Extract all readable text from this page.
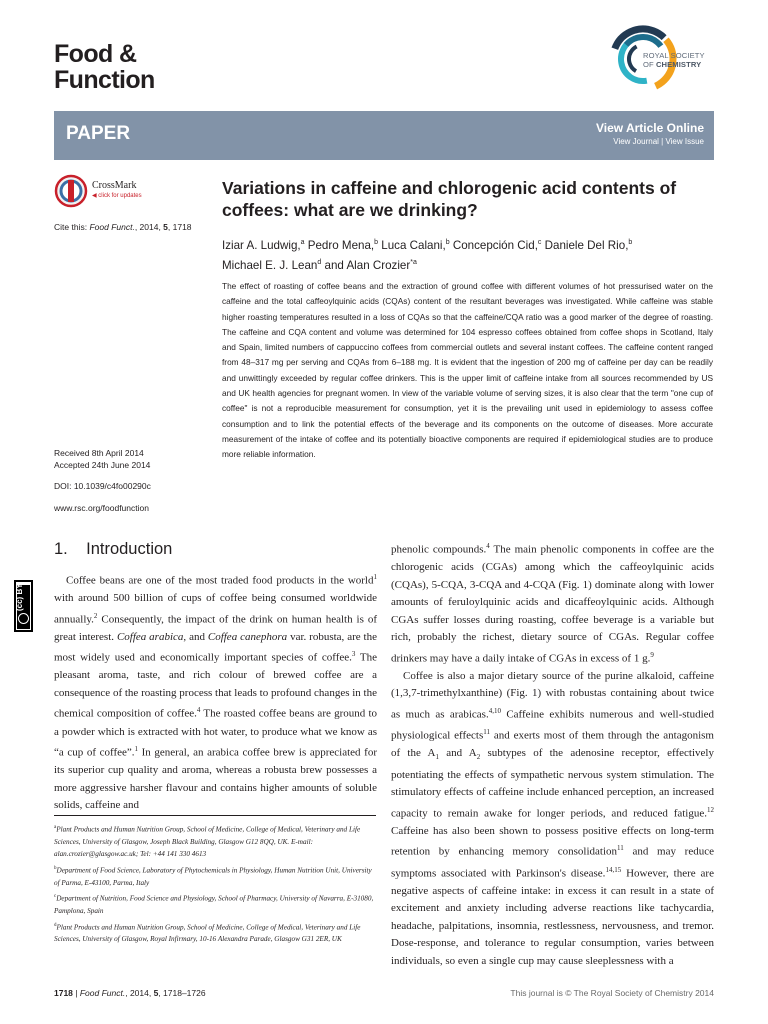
Food &
Function
ROYAL SOCIETY
OF CHEMISTRY
PAPER	View Article Online
View Journal | View Issue
CrossMark
◀ click for updates
Cite this: Food Funct., 2014, 5, 1718
Received 8th April 2014
Accepted 24th June 2014
DOI: 10.1039/c4fo00290c
www.rsc.org/foodfunction
Variations in caffeine and chlorogenic acid contents of coffees: what are we drinking?
Iziar A. Ludwig,$^a$ Pedro Mena,$^b$ Luca Calani,$^b$ Concepción Cid,$^c$ Daniele Del Rio,$^b$
Michael E. J. Lean$^d$ and Alan Crozier$^{*a}$
The effect of roasting of coffee beans and the extraction of ground coffee with different volumes of hot pressurised water on the caffeine and the total caffeoylquinic acids (CQAs) content of the resultant beverages was investigated. While caffeine was stable higher roasting temperatures resulted in a loss of CQAs so that the caffeine/CQA ratio was a good marker of the degree of roasting. The caffeine and CQA content and volume was determined for 104 espresso coffees obtained from coffee shops in Scotland, Italy and Spain, limited numbers of cappuccino coffees from commercial outlets and several instant coffees. The caffeine content ranged from 48–317 mg per serving and CQAs from 6–188 mg. It is evident that the ingestion of 200 mg of caffeine per day can be readily and unwittingly exceeded by regular coffee drinkers. This is the upper limit of caffeine intake from all sources recommended by US and UK health agencies for pregnant women. In view of the variable volume of serving sizes, it is also clear that the term "one cup of coffee" is not a reproducible measurement for consumption, yet it is the prevailing unit used in epidemiology to assess coffee consumption and to link the potential effects of the beverage and its components on the outcome of diseases. More accurate measurement of the intake of coffee and its potentially bioactive components are required if epidemiological studies are to produce more reliable information.
1. Introduction
(cc) BY

Coffee beans are one of the most traded food products in the world$^1$ with around 500 billion of cups of coffee being consumed worldwide annually.$^2$ Consequently, the impact of the drink on human health is of great interest. Coffea arabica, and Coffea canephora var. robusta, are the most widely used and economically important species of coffee.$^3$ The pleasant aroma, taste, and rich colour of brewed coffee are a consequence of the roasting process that leads to profound changes in the chemical composition of coffee.$^4$ The roasted coffee beans are ground to a powder which is extracted with hot water, to produce what we know as “a cup of coffee”.$^1$ In general, an arabica coffee brew is appreciated for its superior cup quality and aroma, whereas a robusta brew possesses a more aggressive harsher flavour and contains higher amounts of soluble solids, caffeine and

phenolic compounds.$^4$ The main phenolic components in coffee are the chlorogenic acids (CGAs) among which the caffeoylquinic acids (CQAs), 5-CQA, 3-CQA and 4-CQA (Fig. 1) dominate along with lower amounts of feruloylquinic acids and dicaffeoylquinic acids. Although CGAs suffer losses during roasting, coffee beverage is a variable but rich, probably the richest, dietary source of CGAs. Regular coffee drinkers may have a daily intake of CGAs in excess of 1 g.$^9$

Coffee is also a major dietary source of the purine alkaloid, caffeine (1,3,7-trimethylxanthine) (Fig. 1) with robustas containing about twice as much as arabicas.$^{4,10}$ Caffeine exhibits numerous and well-studied physiological effects$^{11}$ and exerts most of them through the antagonism of the $A_1$ and $A_2$ subtypes of the adenosine receptor, effectively potentiating the effects of sympathetic nervous system stimulation. The stimulatory effects of caffeine include enhanced perception, an increased capacity to remain awake for longer periods, and reduced fatigue.$^{12}$ Caffeine has also been shown to possess positive effects on long-term retention by enhancing memory consolidation$^{11}$ and may reduce symptoms associated with Parkinson's disease.$^{14,15}$ However, there are negative aspects of caffeine intake: in excess it can result in a state of excitement and anxiety including adverse reactions like tachycardia, headache, palpitations, insomnia, restlessness, nervousness, and tremor. Dose-response, and tolerance to regular consumption, varies between individuals, so even a single cup may cause sleeplessness with a

$^a$Plant Products and Human Nutrition Group, School of Medicine, College of Medical, Veterinary and Life Sciences, University of Glasgow, Joseph Black Building, Glasgow G12 8QQ, UK. E-mail: alan.crozier@glasgow.ac.uk; Tel: +44 141 330 4613

$^b$Department of Food Science, Laboratory of Phytochemicals in Physiology, Human Nutrition Unit, University of Parma, E-43100, Parma, Italy

$^c$Department of Nutrition, Food Science and Physiology, School of Pharmacy, University of Navarra, E-31080, Pamplona, Spain

$^d$Plant Products and Human Nutrition Group, School of Medicine, College of Medical, Veterinary and Life Sciences, University of Glasgow, Royal Infirmary, 10-16 Alexandra Parade, Glasgow G31 2ER, UK

1718 | Food Funct., 2014, 5, 1718–1726	This journal is © The Royal Society of Chemistry 2014
